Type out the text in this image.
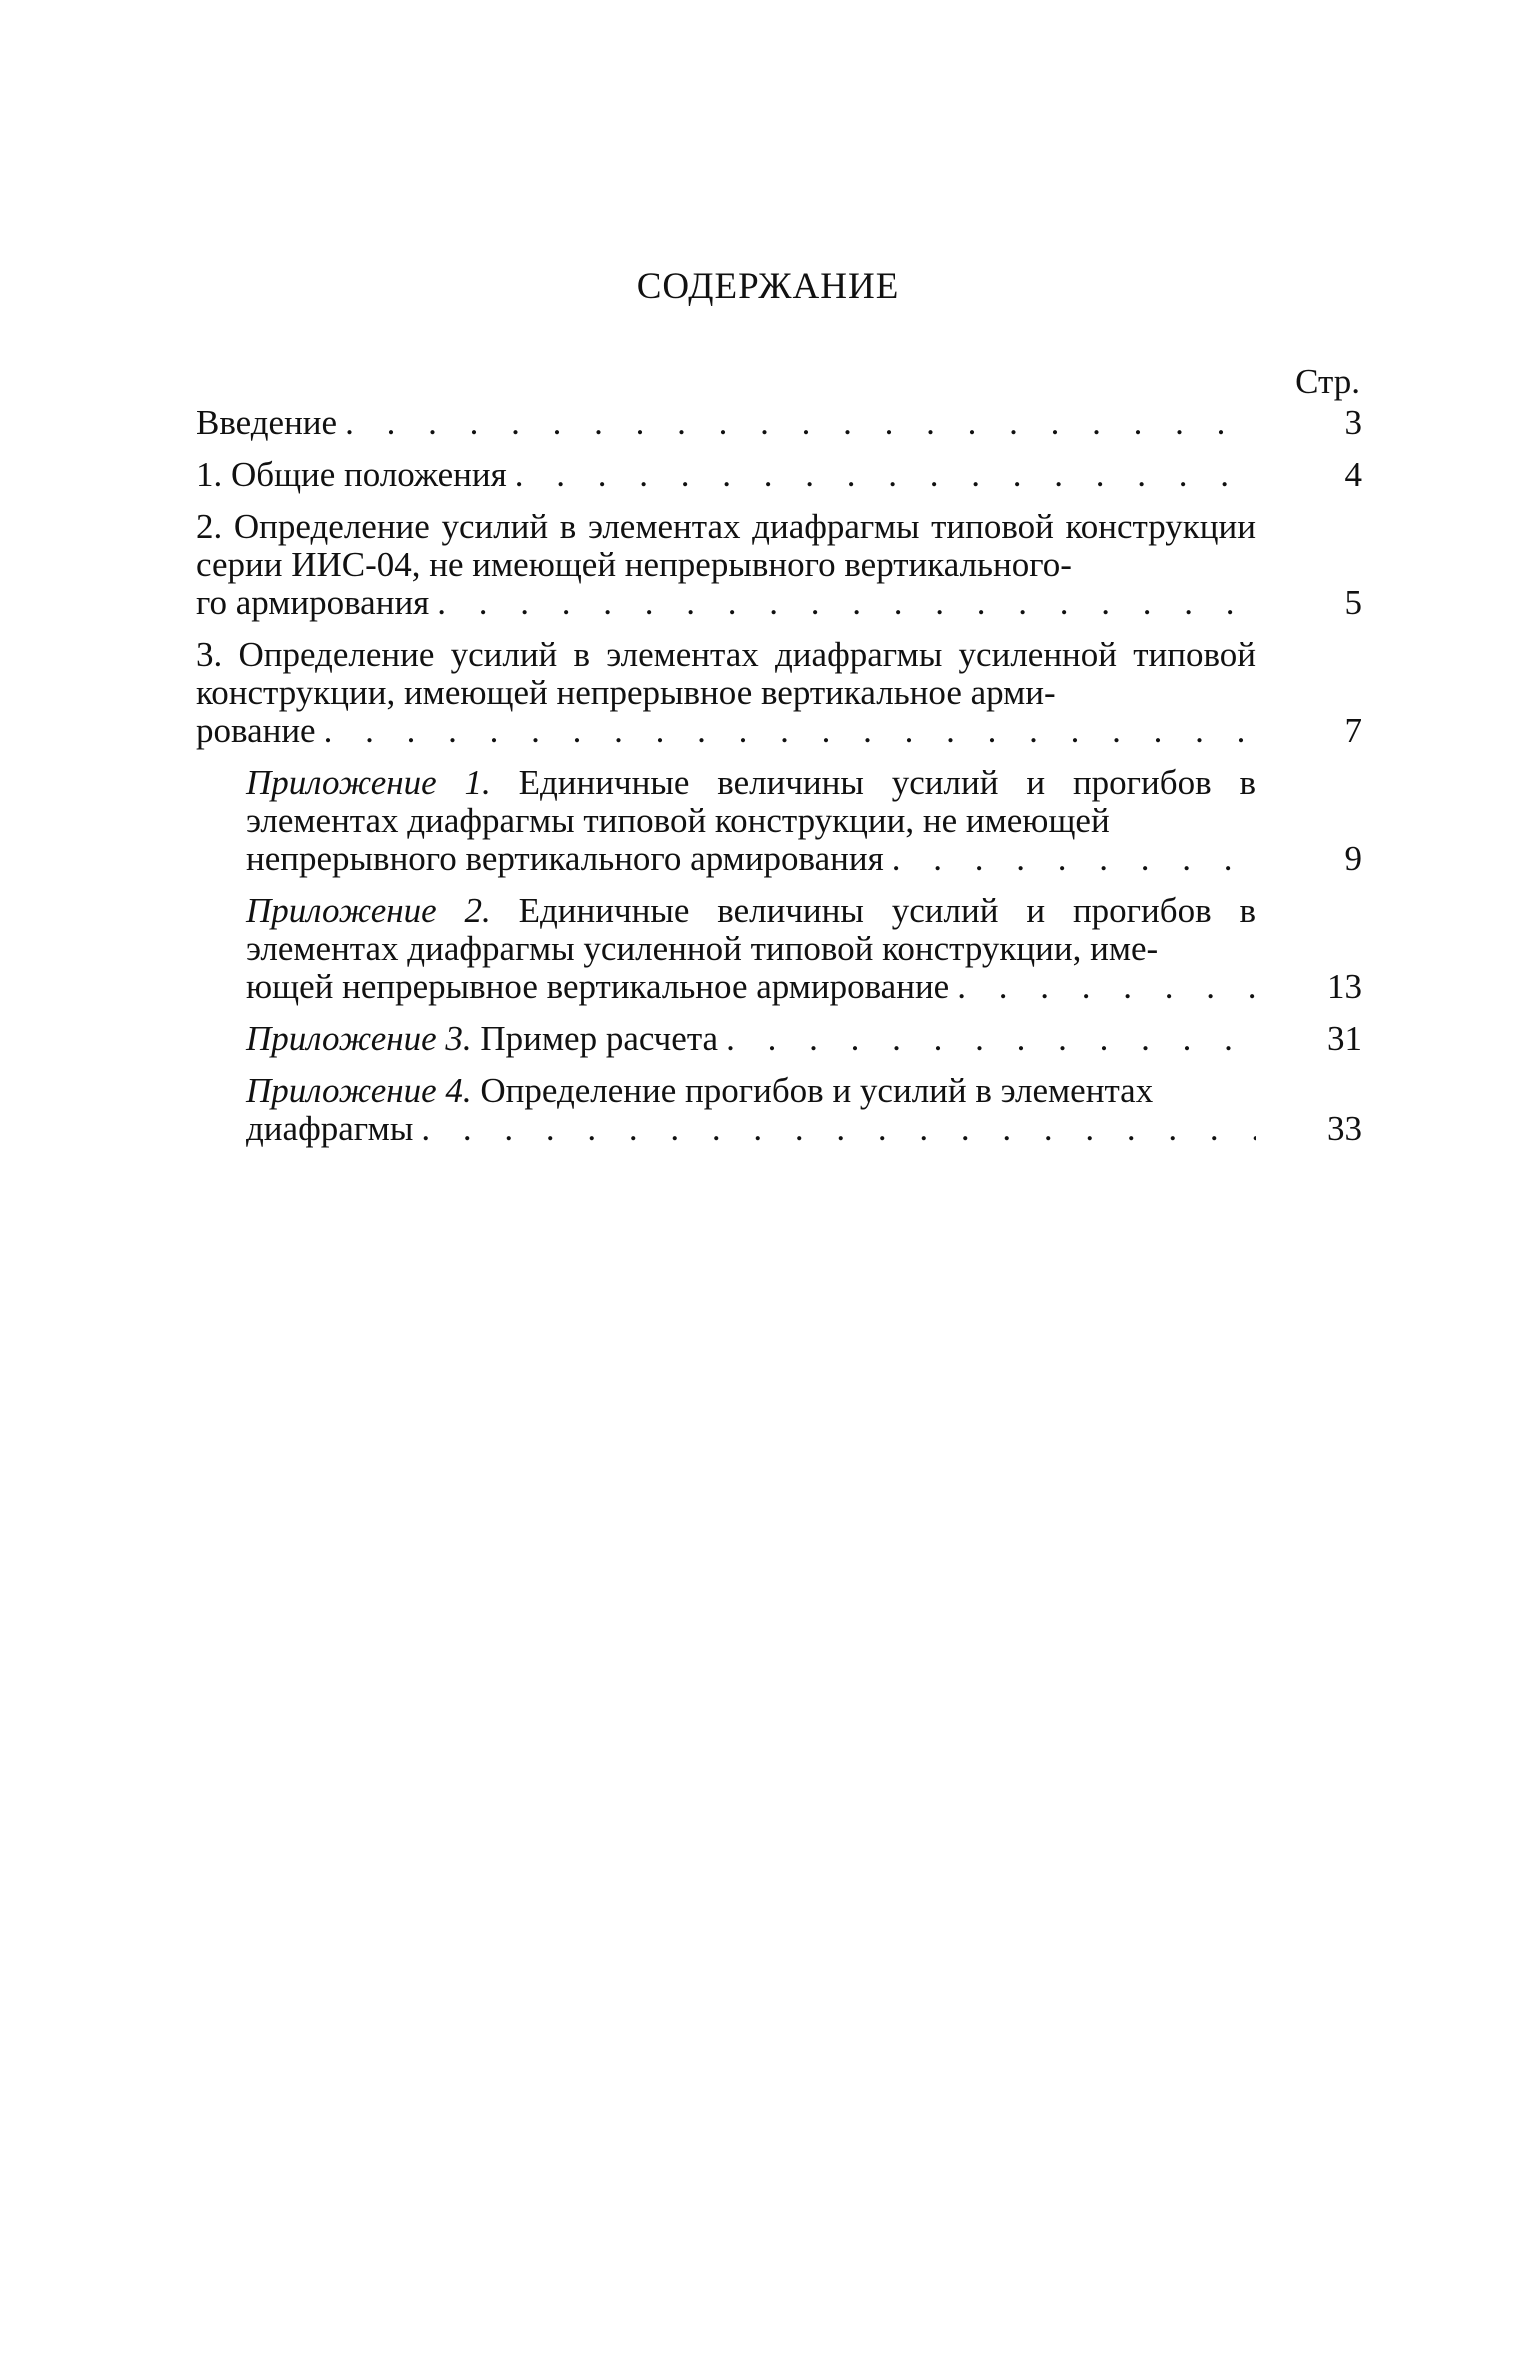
СОДЕРЖАНИЕ
Стр.
Введение . . .	3
1. Общие положения . . .	4
2. Определение усилий в элементах диафрагмы типовой конструкции серии ИИС-04, не имеющей непрерывного вертикального-
го армирования . . .	5
3. Определение усилий в элементах диафрагмы усиленной типовой конструкции, имеющей непрерывное вертикальное арми-
рование . . .	7
Приложение 1. Единичные величины усилий и прогибов в элементах диафрагмы типовой конструкции, не имеющей
непрерывного вертикального армирования . . .	9
Приложение 2. Единичные величины усилий и прогибов в элементах диафрагмы усиленной типовой конструкции, име-
ющей непрерывное вертикальное армирование . . .	13
Приложение 3. Пример расчета . . .	31
Приложение 4. Определение прогибов и усилий в элементах
диафрагмы . . .	33
